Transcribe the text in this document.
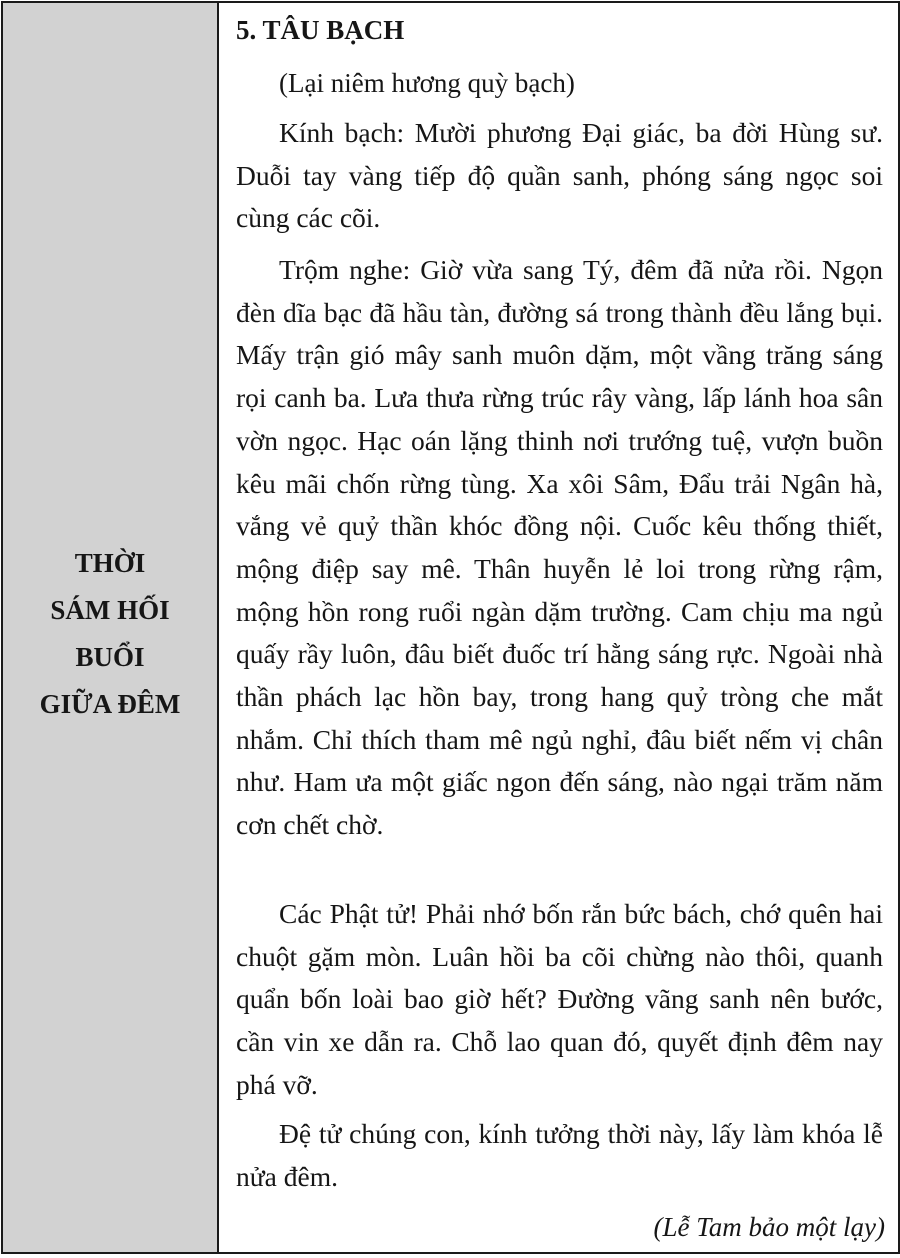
THỜI
SÁM HỐI
BUỔI
GIỮA ĐÊM
5. TÂU BẠCH
(Lại niêm hương quỳ bạch)

Kính bạch: Mười phương Đại giác, ba đời Hùng sư. Duỗi tay vàng tiếp độ quần sanh, phóng sáng ngọc soi cùng các cõi.

Trộm nghe: Giờ vừa sang Tý, đêm đã nửa rồi. Ngọn đèn dĩa bạc đã hầu tàn, đường sá trong thành đều lắng bụi. Mấy trận gió mây sanh muôn dặm, một vầng trăng sáng rọi canh ba. Lưa thưa rừng trúc rây vàng, lấp lánh hoa sân vờn ngọc. Hạc oán lặng thinh nơi trướng tuệ, vượn buồn kêu mãi chốn rừng tùng. Xa xôi Sâm, Đẩu trải Ngân hà, vắng vẻ quỷ thần khóc đồng nội. Cuốc kêu thống thiết, mộng điệp say mê. Thân huyễn lẻ loi trong rừng rậm, mộng hồn rong ruổi ngàn dặm trường. Cam chịu ma ngủ quấy rầy luôn, đâu biết đuốc trí hằng sáng rực. Ngoài nhà thần phách lạc hồn bay, trong hang quỷ tròng che mắt nhắm. Chỉ thích tham mê ngủ nghỉ, đâu biết nếm vị chân như. Ham ưa một giấc ngon đến sáng, nào ngại trăm năm cơn chết chờ.

Các Phật tử! Phải nhớ bốn rắn bức bách, chớ quên hai chuột gặm mòn. Luân hồi ba cõi chừng nào thôi, quanh quẩn bốn loài bao giờ hết? Đường vãng sanh nên bước, cần vin xe dẫn ra. Chỗ lao quan đó, quyết định đêm nay phá vỡ.

Đệ tử chúng con, kính tưởng thời này, lấy làm khóa lễ nửa đêm.

(Lễ Tam bảo một lạy)
